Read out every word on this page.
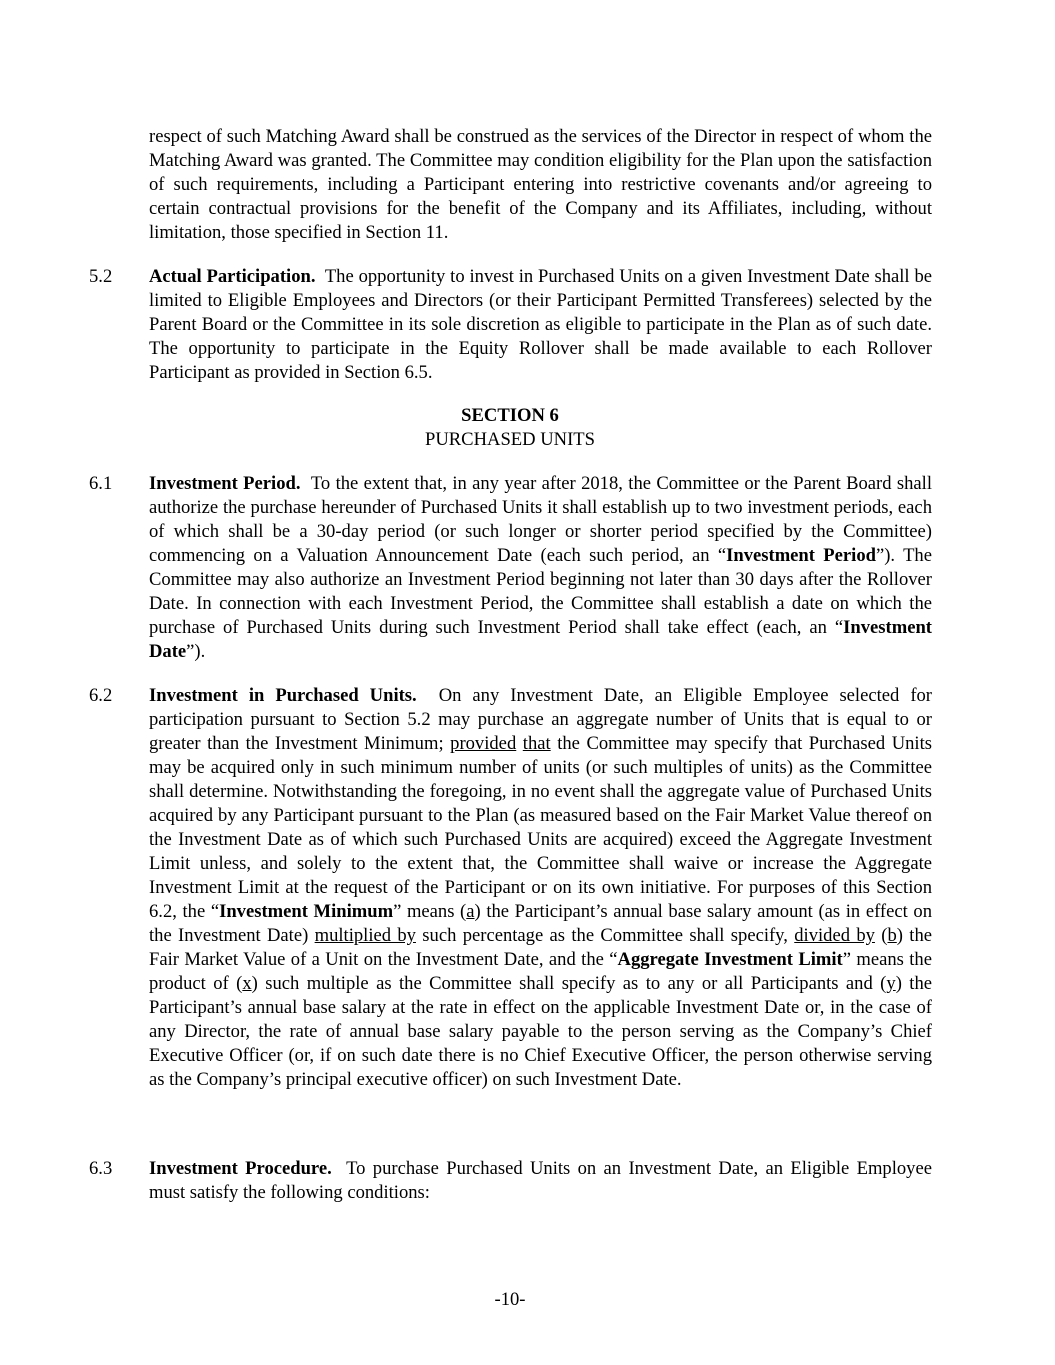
respect of such Matching Award shall be construed as the services of the Director in respect of whom the Matching Award was granted. The Committee may condition eligibility for the Plan upon the satisfaction of such requirements, including a Participant entering into restrictive covenants and/or agreeing to certain contractual provisions for the benefit of the Company and its Affiliates, including, without limitation, those specified in Section 11.

5.2 Actual Participation. The opportunity to invest in Purchased Units on a given Investment Date shall be limited to Eligible Employees and Directors (or their Participant Permitted Transferees) selected by the Parent Board or the Committee in its sole discretion as eligible to participate in the Plan as of such date. The opportunity to participate in the Equity Rollover shall be made available to each Rollover Participant as provided in Section 6.5.
SECTION 6
PURCHASED UNITS
6.1 Investment Period. To the extent that, in any year after 2018, the Committee or the Parent Board shall authorize the purchase hereunder of Purchased Units it shall establish up to two investment periods, each of which shall be a 30-day period (or such longer or shorter period specified by the Committee) commencing on a Valuation Announcement Date (each such period, an “Investment Period”). The Committee may also authorize an Investment Period beginning not later than 30 days after the Rollover Date. In connection with each Investment Period, the Committee shall establish a date on which the purchase of Purchased Units during such Investment Period shall take effect (each, an “Investment Date”).
6.2 Investment in Purchased Units. On any Investment Date, an Eligible Employee selected for participation pursuant to Section 5.2 may purchase an aggregate number of Units that is equal to or greater than the Investment Minimum; provided that the Committee may specify that Purchased Units may be acquired only in such minimum number of units (or such multiples of units) as the Committee shall determine. Notwithstanding the foregoing, in no event shall the aggregate value of Purchased Units acquired by any Participant pursuant to the Plan (as measured based on the Fair Market Value thereof on the Investment Date as of which such Purchased Units are acquired) exceed the Aggregate Investment Limit unless, and solely to the extent that, the Committee shall waive or increase the Aggregate Investment Limit at the request of the Participant or on its own initiative. For purposes of this Section 6.2, the “Investment Minimum” means (a) the Participant’s annual base salary amount (as in effect on the Investment Date) multiplied by such percentage as the Committee shall specify, divided by (b) the Fair Market Value of a Unit on the Investment Date, and the “Aggregate Investment Limit” means the product of (x) such multiple as the Committee shall specify as to any or all Participants and (y) the Participant’s annual base salary at the rate in effect on the applicable Investment Date or, in the case of any Director, the rate of annual base salary payable to the person serving as the Company’s Chief Executive Officer (or, if on such date there is no Chief Executive Officer, the person otherwise serving as the Company’s principal executive officer) on such Investment Date.
6.3 Investment Procedure. To purchase Purchased Units on an Investment Date, an Eligible Employee must satisfy the following conditions:
-10-
